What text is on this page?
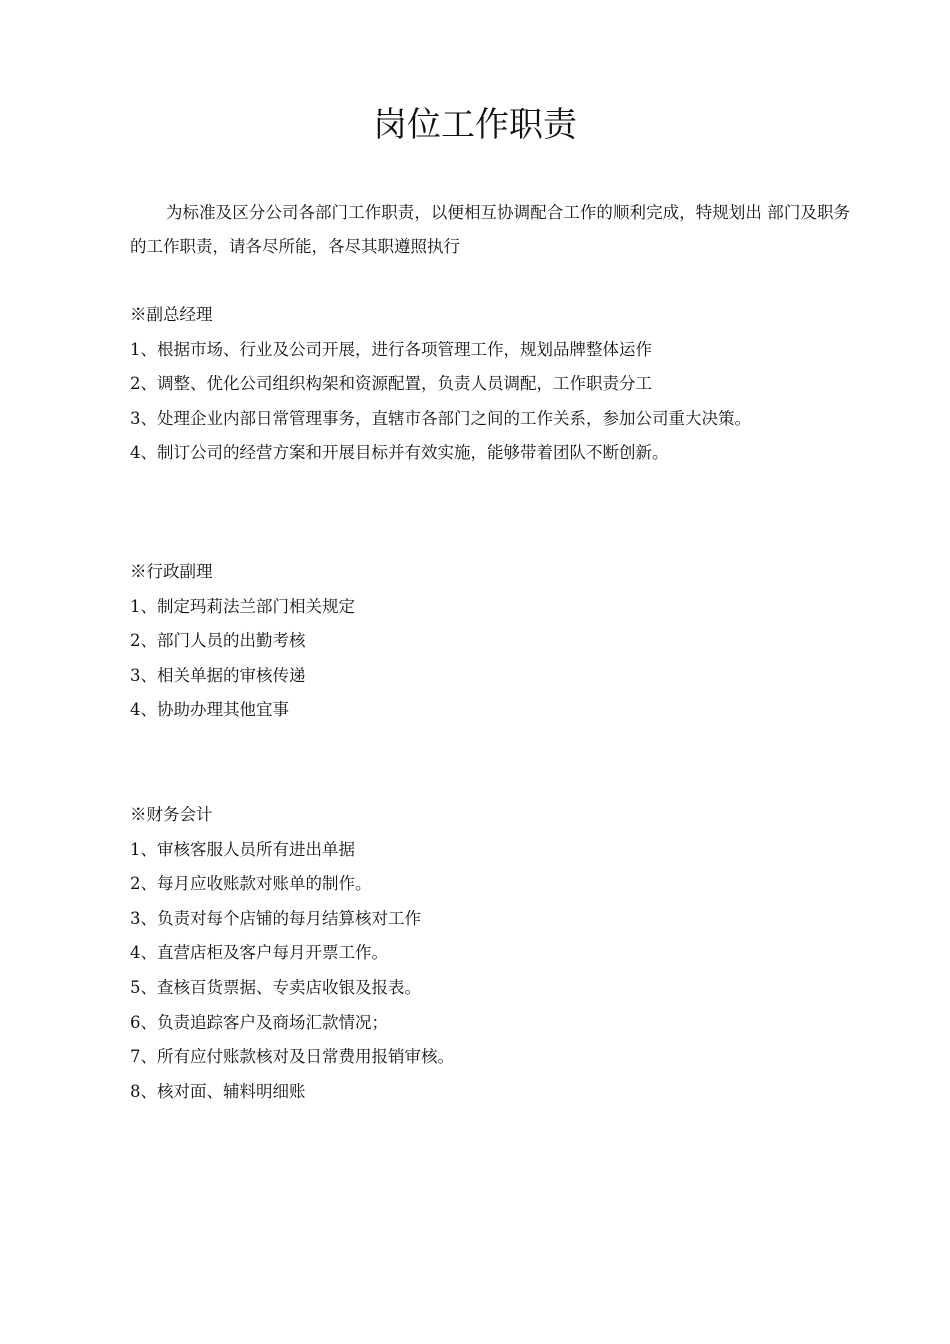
岗位工作职责

为标准及区分公司各部门工作职责，以便相互协调配合工作的顺利完成，特规划出 部门及职务的工作职责，请各尽所能，各尽其职遵照执行

※副总经理

1、根据市场、行业及公司开展，进行各项管理工作，规划品牌整体运作

2、调整、优化公司组织构架和资源配置，负责人员调配，工作职责分工

3、处理企业内部日常管理事务，直辖市各部门之间的工作关系，参加公司重大决策。

4、制订公司的经营方案和开展目标并有效实施，能够带着团队不断创新。

※行政副理

1、制定玛莉法兰部门相关规定

2、部门人员的出勤考核

3、相关单据的审核传递

4、协助办理其他宜事

※财务会计

1、审核客服人员所有进出单据

2、每月应收账款对账单的制作。

3、负责对每个店铺的每月结算核对工作

4、直营店柜及客户每月开票工作。

5、查核百货票据、专卖店收银及报表。

6、负责追踪客户及商场汇款情况；

7、所有应付账款核对及日常费用报销审核。

8、核对面、辅料明细账
